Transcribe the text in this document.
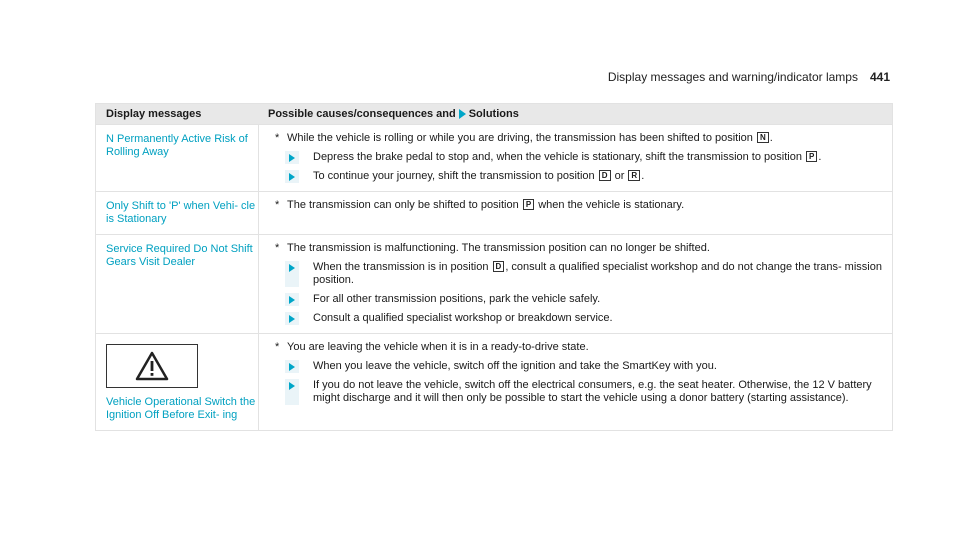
Display messages and warning/indicator lamps 441
Display messages	Possible causes/consequences and Solutions
N Permanently Active Risk of Rolling Away
* While the vehicle is rolling or while you are driving, the transmission has been shifted to position N .
Depress the brake pedal to stop and, when the vehicle is stationary, shift the transmission to position P .
To continue your journey, shift the transmission to position D or R .
Only Shift to 'P' when Vehi- cle is Stationary
* The transmission can only be shifted to position P when the vehicle is stationary.
Service Required Do Not Shift Gears Visit Dealer
* The transmission is malfunctioning. The transmission position can no longer be shifted.
When the transmission is in position D , consult a qualified specialist workshop and do not change the trans- mission position.
For all other transmission positions, park the vehicle safely.
Consult a qualified specialist workshop or breakdown service.
Vehicle Operational Switch the Ignition Off Before Exit- ing
* You are leaving the vehicle when it is in a ready-to-drive state.
When you leave the vehicle, switch off the ignition and take the SmartKey with you.
If you do not leave the vehicle, switch off the electrical consumers, e.g. the seat heater. Otherwise, the 12 V battery might discharge and it will then only be possible to start the vehicle using a donor battery (starting assistance).
